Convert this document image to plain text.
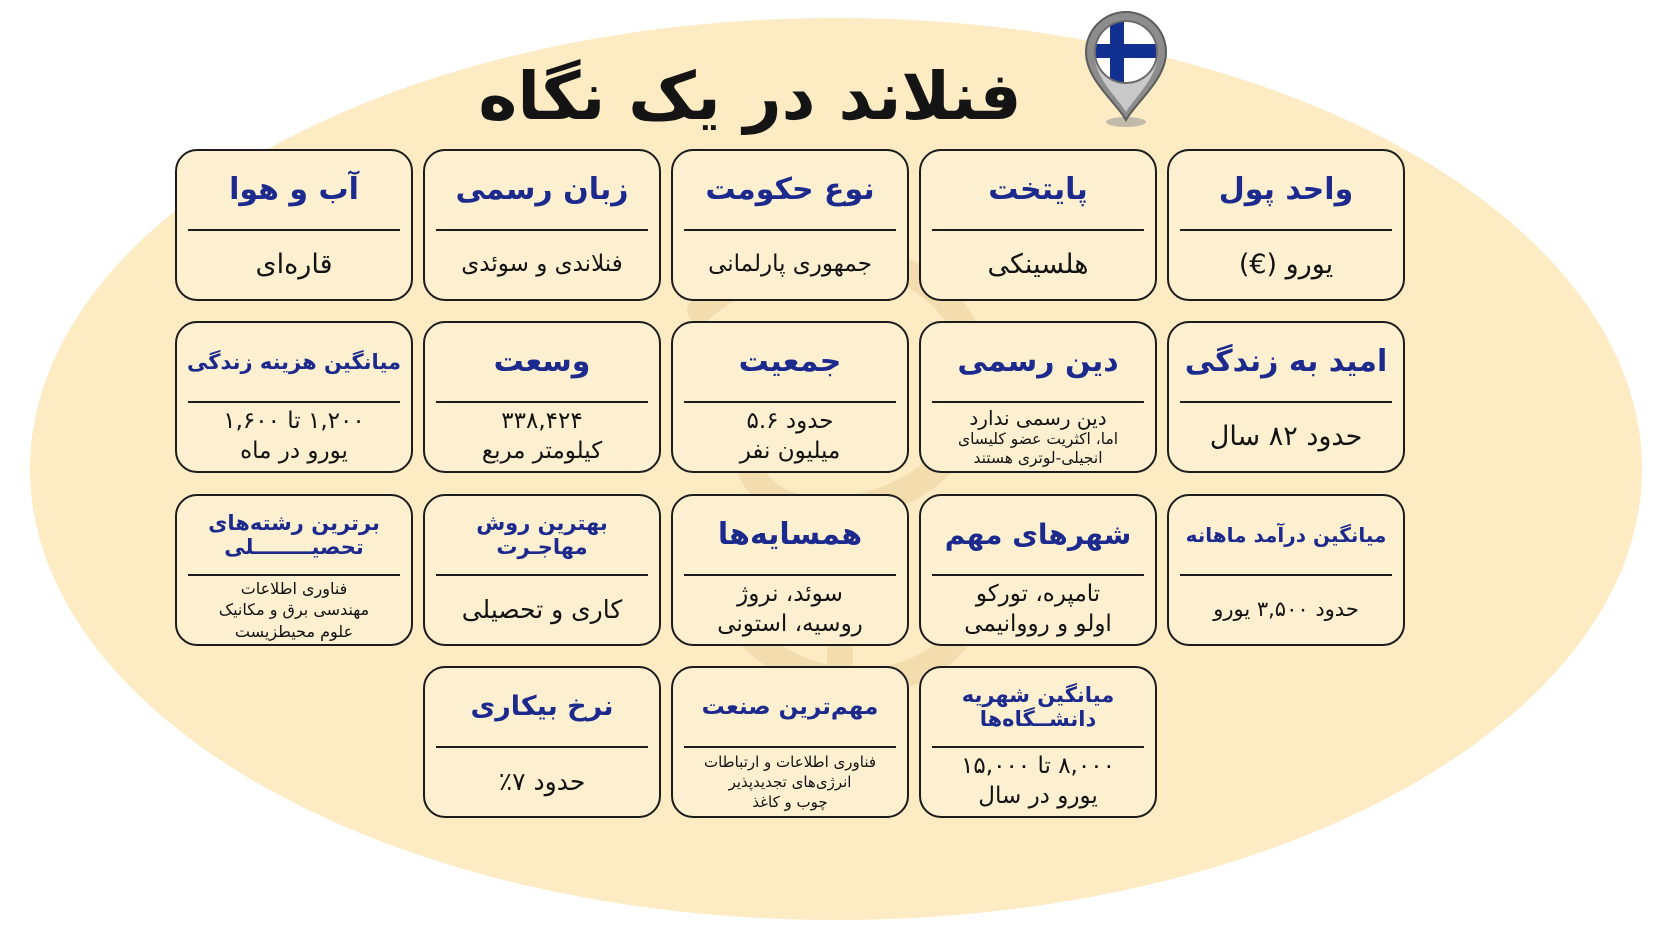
فنلاند در یک نگاه
واحد پول
یورو (€)
پایتخت
هلسینکی
نوع حکومت
جمهوری پارلمانی
زبان رسمی
فنلاندی و سوئدی
آب و هوا
قاره‌ای
امید به زندگی
حدود ۸۲ سال
دین رسمی
دین رسمی ندارد
اما، اکثریت عضو کلیسای
انجیلی-لوتری هستند
جمعیت
حدود ۵.۶
میلیون نفر
وسعت
۳۳۸,۴۲۴
کیلومتر مربع
میانگین هزینه زندگی
۱,۲۰۰ تا ۱,۶۰۰
یورو در ماه
میانگین درآمد ماهانه
حدود ۳,۵۰۰ یورو
شهرهای مهم
تامپره، تورکو
اولو و رووانیمی
همسایه‌ها
سوئد، نروژ
روسیه، استونی
بهترین روش
مهاجـرت
کاری و تحصیلی
برترین رشته‌های
تحصیــــــــلی
فناوری اطلاعات
مهندسی برق و مکانیک
علوم محیطزیست
میانگین شهریه
دانشــگاه‌ها
۸,۰۰۰ تا ۱۵,۰۰۰
یورو در سال
مهم‌ترین صنعت
فناوری اطلاعات و ارتباطات
انرژی‌های تجدیدپذیر
چوب و کاغذ
نرخ بیکاری
حدود ۷٪
